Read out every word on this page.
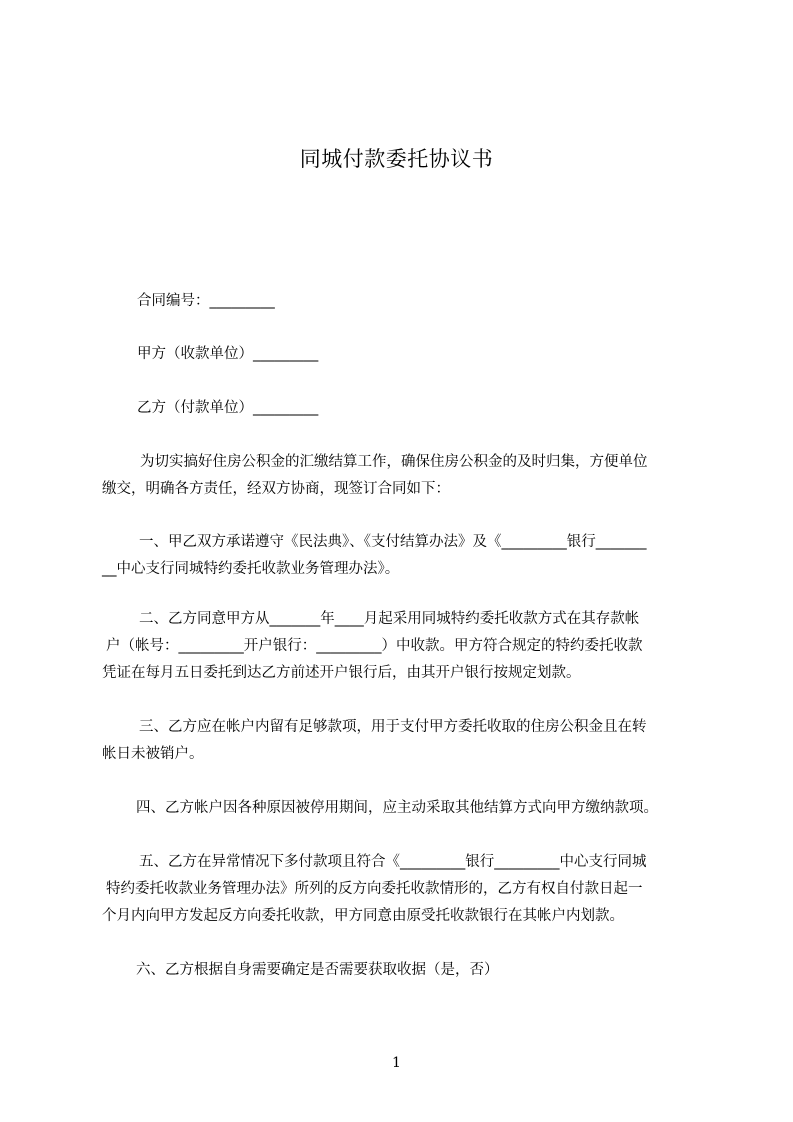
同城付款委托协议书
合同编号：_________
甲方（收款单位）_________
乙方（付款单位）_________
为切实搞好住房公积金的汇缴结算工作，确保住房公积金的及时归集，方便单位
缴交，明确各方责任，经双方协商，现签订合同如下：
一、甲乙双方承诺遵守《民法典》、《支付结算办法》及《_________银行_______
__中心支行同城特约委托收款业务管理办法》。
二、乙方同意甲方从_______年____月起采用同城特约委托收款方式在其存款帐
户（帐号：_________开户银行：_________）中收款。甲方符合规定的特约委托收款
凭证在每月五日委托到达乙方前述开户银行后，由其开户银行按规定划款。
三、乙方应在帐户内留有足够款项，用于支付甲方委托收取的住房公积金且在转
帐日未被销户。
四、乙方帐户因各种原因被停用期间，应主动采取其他结算方式向甲方缴纳款项。
五、乙方在异常情况下多付款项且符合《_________银行_________中心支行同城
特约委托收款业务管理办法》所列的反方向委托收款情形的，乙方有权自付款日起一
个月内向甲方发起反方向委托收款，甲方同意由原受托收款银行在其帐户内划款。
六、乙方根据自身需要确定是否需要获取收据（是，否）
1
